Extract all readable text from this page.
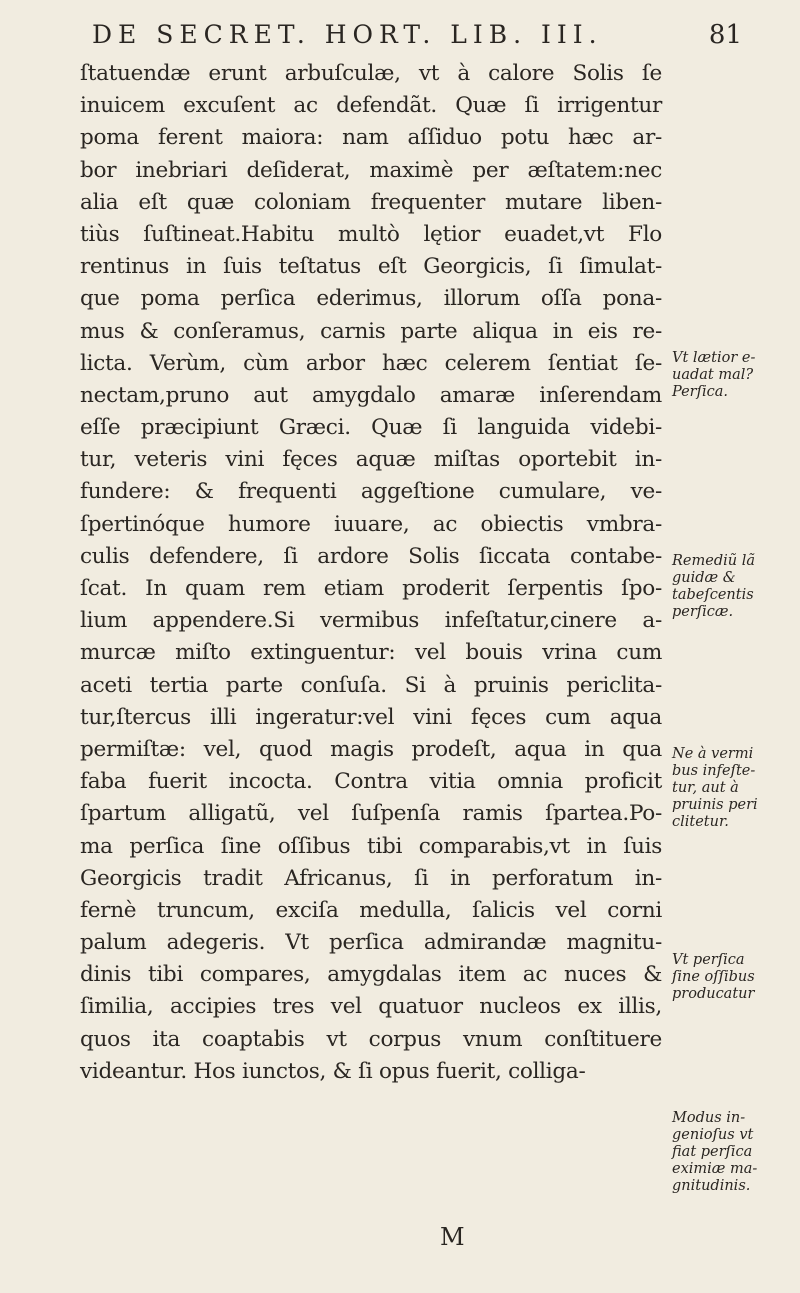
DE SECRET. HORT. LIB. III.	81
ſtatuendæ erunt arbuſculæ, vt à calore Solis ſe
inuicem excuſent ac defendãt. Quæ ſi irrigentur
poma ferent maiora: nam aſſiduo potu hæc ar-
bor inebriari deſiderat, maximè per æſtatem:nec
alia eſt quæ coloniam frequenter mutare liben-
tiùs ſuſtineat.Habitu multò lętior euadet,vt Flo
rentinus in ſuis teſtatus eſt Georgicis, ſi ſimulat-
que poma perſica ederimus, illorum oſſa pona-
mus & conſeramus, carnis parte aliqua in eis re-
licta. Verùm, cùm arbor hæc celerem ſentiat ſe-
nectam,pruno aut amygdalo amaræ inſerendam
eſſe præcipiunt Græci. Quæ ſi languida videbi-
tur, veteris vini fęces aquæ miſtas oportebit in-
fundere: & frequenti aggeſtione cumulare, ve-
ſpertinóque humore iuuare, ac obiectis vmbra-
culis defendere, ſi ardore Solis ſiccata contabe-
ſcat. In quam rem etiam proderit ſerpentis ſpo-
lium appendere.Si vermibus infeſtatur,cinere a-
murcæ miſto extinguentur: vel bouis vrina cum
aceti tertia parte conſuſa. Si à pruinis periclita-
tur,ſtercus illi ingeratur:vel vini fęces cum aqua
permiſtæ: vel, quod magis prodeſt, aqua in qua
faba fuerit incocta. Contra vitia omnia proficit
ſpartum alligatũ, vel ſuſpenſa ramis ſpartea.Po-
ma perſica ſine oſſibus tibi comparabis,vt in ſuis
Georgicis tradit Africanus, ſi in perforatum in-
fernè truncum, exciſa medulla, ſalicis vel corni
palum adegeris. Vt perſica admirandæ magnitu-
dinis tibi compares, amygdalas item ac nuces &
ſimilia, accipies tres vel quatuor nucleos ex illis,
quos ita coaptabis vt corpus vnum conſtituere
videantur. Hos iunctos, & ſi opus fuerit, colliga-
M
Vt lætior e-
uadat mal?
Perſica.
Remediũ lã
guidæ &
tabeſcentis
perſicæ.
Ne à vermi
bus infeſte-
tur, aut à
pruinis peri
clitetur.
Vt perſica
ſine oſſibus
producatur
Modus in-
genioſus vt
fiat perſica
eximiæ ma-
gnitudinis.
